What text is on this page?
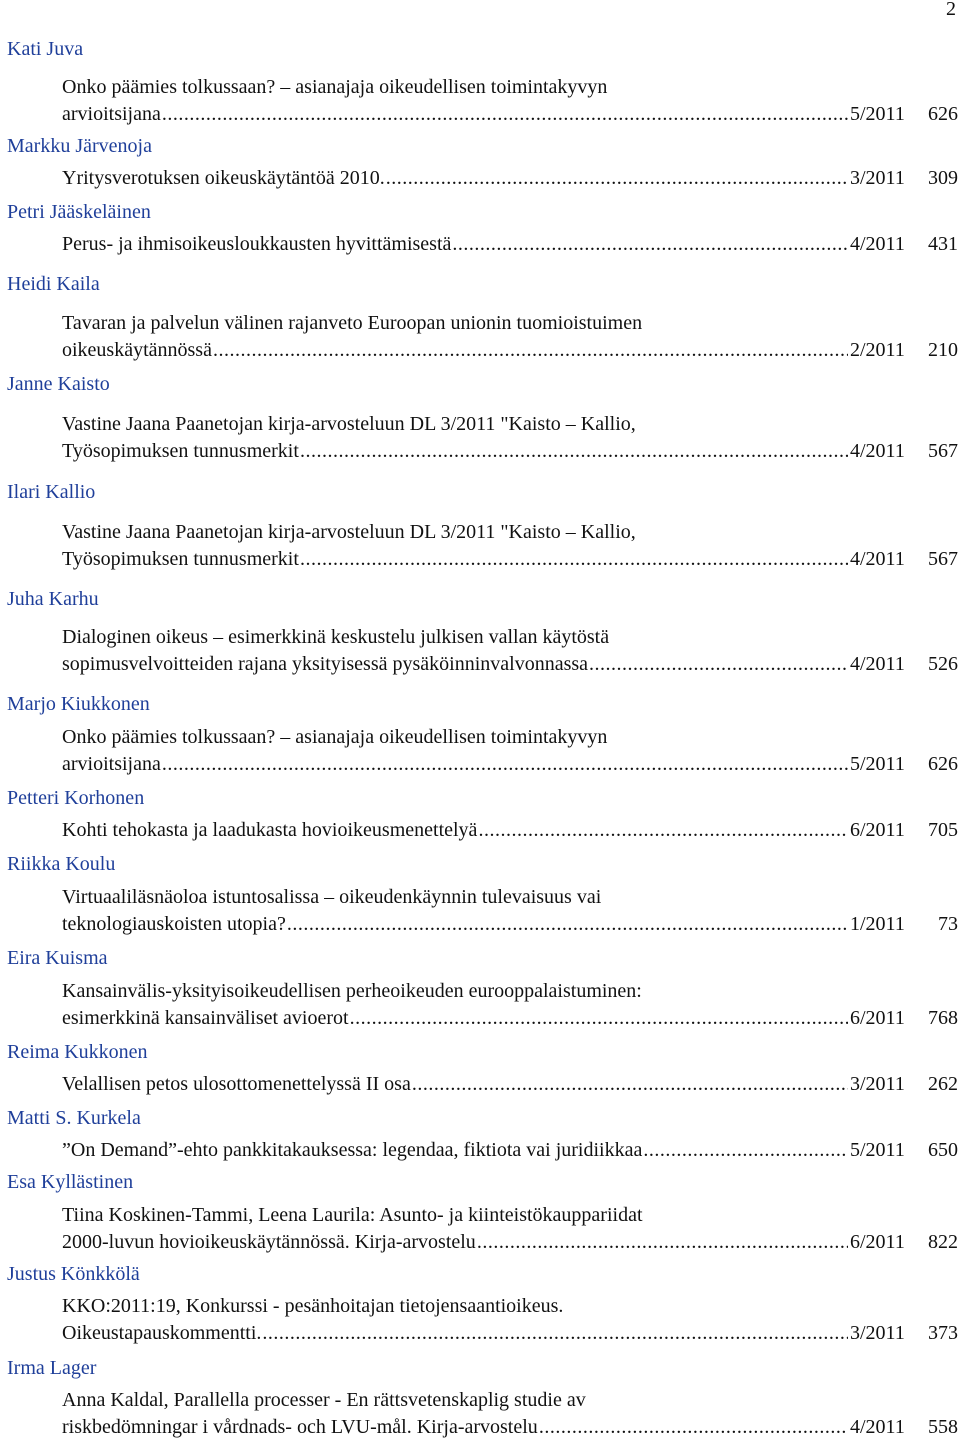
2
Kati Juva
Onko päämies tolkussaan? – asianajaja oikeudellisen toimintakyvyn
arvioitsijana .....	5/2011	626
Markku Järvenoja
Yritysverotuksen oikeuskäytäntöä 2010. .....	3/2011	309
Petri Jääskeläinen
Perus- ja ihmisoikeusloukkausten hyvittämisestä .....	4/2011	431
Heidi Kaila
Tavaran ja palvelun välinen rajanveto Euroopan unionin tuomioistuimen
oikeuskäytännössä .....	2/2011	210
Janne Kaisto
Vastine Jaana Paanetojan kirja-arvosteluun DL 3/2011 "Kaisto – Kallio,
Työsopimuksen tunnusmerkit .....	4/2011	567
Ilari Kallio
Vastine Jaana Paanetojan kirja-arvosteluun DL 3/2011 "Kaisto – Kallio,
Työsopimuksen tunnusmerkit .....	4/2011	567
Juha Karhu
Dialoginen oikeus – esimerkkinä keskustelu julkisen vallan käytöstä
sopimusvelvoitteiden rajana yksityisessä pysäköinninvalvonnassa .....	4/2011	526
Marjo Kiukkonen
Onko päämies tolkussaan? – asianajaja oikeudellisen toimintakyvyn
arvioitsijana .....	5/2011	626
Petteri Korhonen
Kohti tehokasta ja laadukasta hovioikeusmenettelyä .....	6/2011	705
Riikka Koulu
Virtuaaliläsnäoloa istuntosalissa – oikeudenkäynnin tulevaisuus vai
teknologiauskoisten utopia? .....	1/2011	73
Eira Kuisma
Kansainvälis-yksityisoikeudellisen perheoikeuden eurooppalaistuminen:
esimerkkinä kansainväliset avioerot .....	6/2011	768
Reima Kukkonen
Velallisen petos ulosottomenettelyssä II osa .....	3/2011	262
Matti S. Kurkela
”On Demand”-ehto pankkitakauksessa: legendaa, fiktiota vai juridiikkaa .....	5/2011	650
Esa Kyllästinen
Tiina Koskinen-Tammi, Leena Laurila: Asunto- ja kiinteistökauppariidat
2000-luvun hovioikeuskäytännössä. Kirja-arvostelu .....	6/2011	822
Justus Könkkölä
KKO:2011:19, Konkurssi - pesänhoitajan tietojensaantioikeus.
Oikeustapauskommentti. .....	3/2011	373
Irma Lager
Anna Kaldal, Parallella processer - En rättsvetenskaplig studie av
riskbedömningar i vårdnads- och LVU-mål. Kirja-arvostelu .....	4/2011	558
